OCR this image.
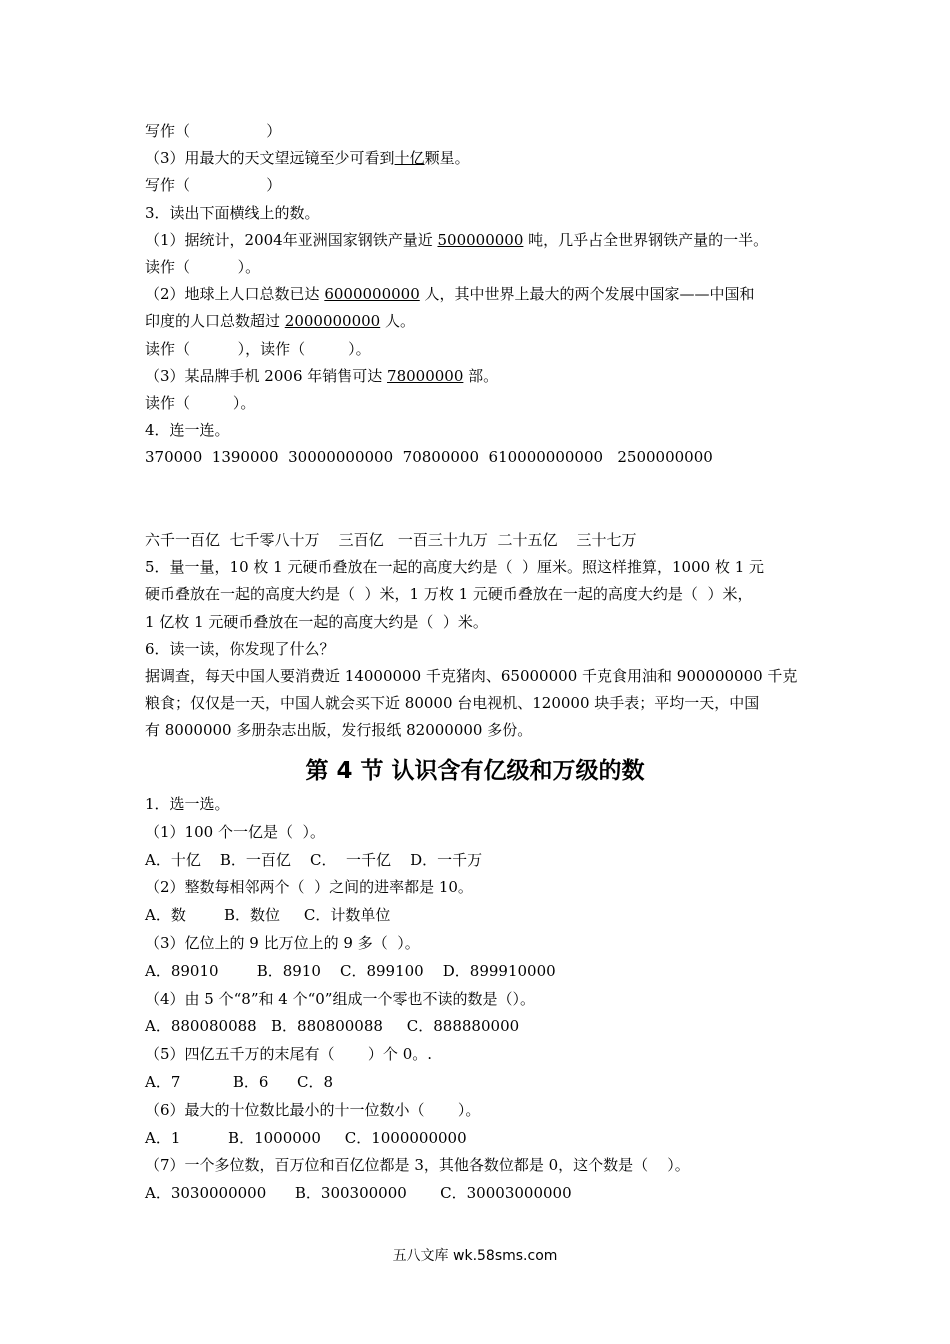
写作（                ）
（3）用最大的天文望远镜至少可看到十亿颗星。
写作（                ）
3．读出下面横线上的数。
（1）据统计，2004年亚洲国家钢铁产量近 500000000 吨，几乎占全世界钢铁产量的一半。
读作（          ）。
（2）地球上人口总数已达 6000000000 人，其中世界上最大的两个发展中国家——中国和
印度的人口总数超过 2000000000 人。
读作（          ），读作（         ）。
（3）某品牌手机 2006 年销售可达 78000000 部。
读作（         ）。
4．连一连。
370000  1390000  30000000000  70800000  610000000000   2500000000
六千一百亿  七千零八十万    三百亿   一百三十九万  二十五亿    三十七万
5．量一量，10 枚 1 元硬币叠放在一起的高度大约是（  ）厘米。照这样推算，1000 枚 1 元
硬币叠放在一起的高度大约是（  ）米，1 万枚 1 元硬币叠放在一起的高度大约是（  ）米，
1 亿枚 1 元硬币叠放在一起的高度大约是（  ）米。
6．读一读，你发现了什么？
据调查，每天中国人要消费近 14000000 千克猪肉、65000000 千克食用油和 900000000 千克
粮食；仅仅是一天，中国人就会买下近 80000 台电视机、120000 块手表；平均一天，中国
有 8000000 多册杂志出版，发行报纸 82000000 多份。
第 4 节 认识含有亿级和万级的数
1．选一选。
（1）100 个一亿是（  ）。
A．十亿    B．一百亿    C．  一千亿    D．一千万
（2）整数每相邻两个（  ）之间的进率都是 10。
A．数        B．数位     C．计数单位
（3）亿位上的 9 比万位上的 9 多（  ）。
A．89010        B．8910    C．899100    D．899910000
（4）由 5 个“8”和 4 个“0”组成一个零也不读的数是（）。
A．880080088   B．880800088     C．888880000
（5）四亿五千万的末尾有（       ）个 0。.
A．7           B．6      C．8
（6）最大的十位数比最小的十一位数小（       ）。
A．1          B．1000000     C．1000000000
（7）一个多位数，百万位和百亿位都是 3，其他各数位都是 0，这个数是（    ）。
A．3030000000      B．300300000       C．30003000000
五八文库 wk.58sms.com
